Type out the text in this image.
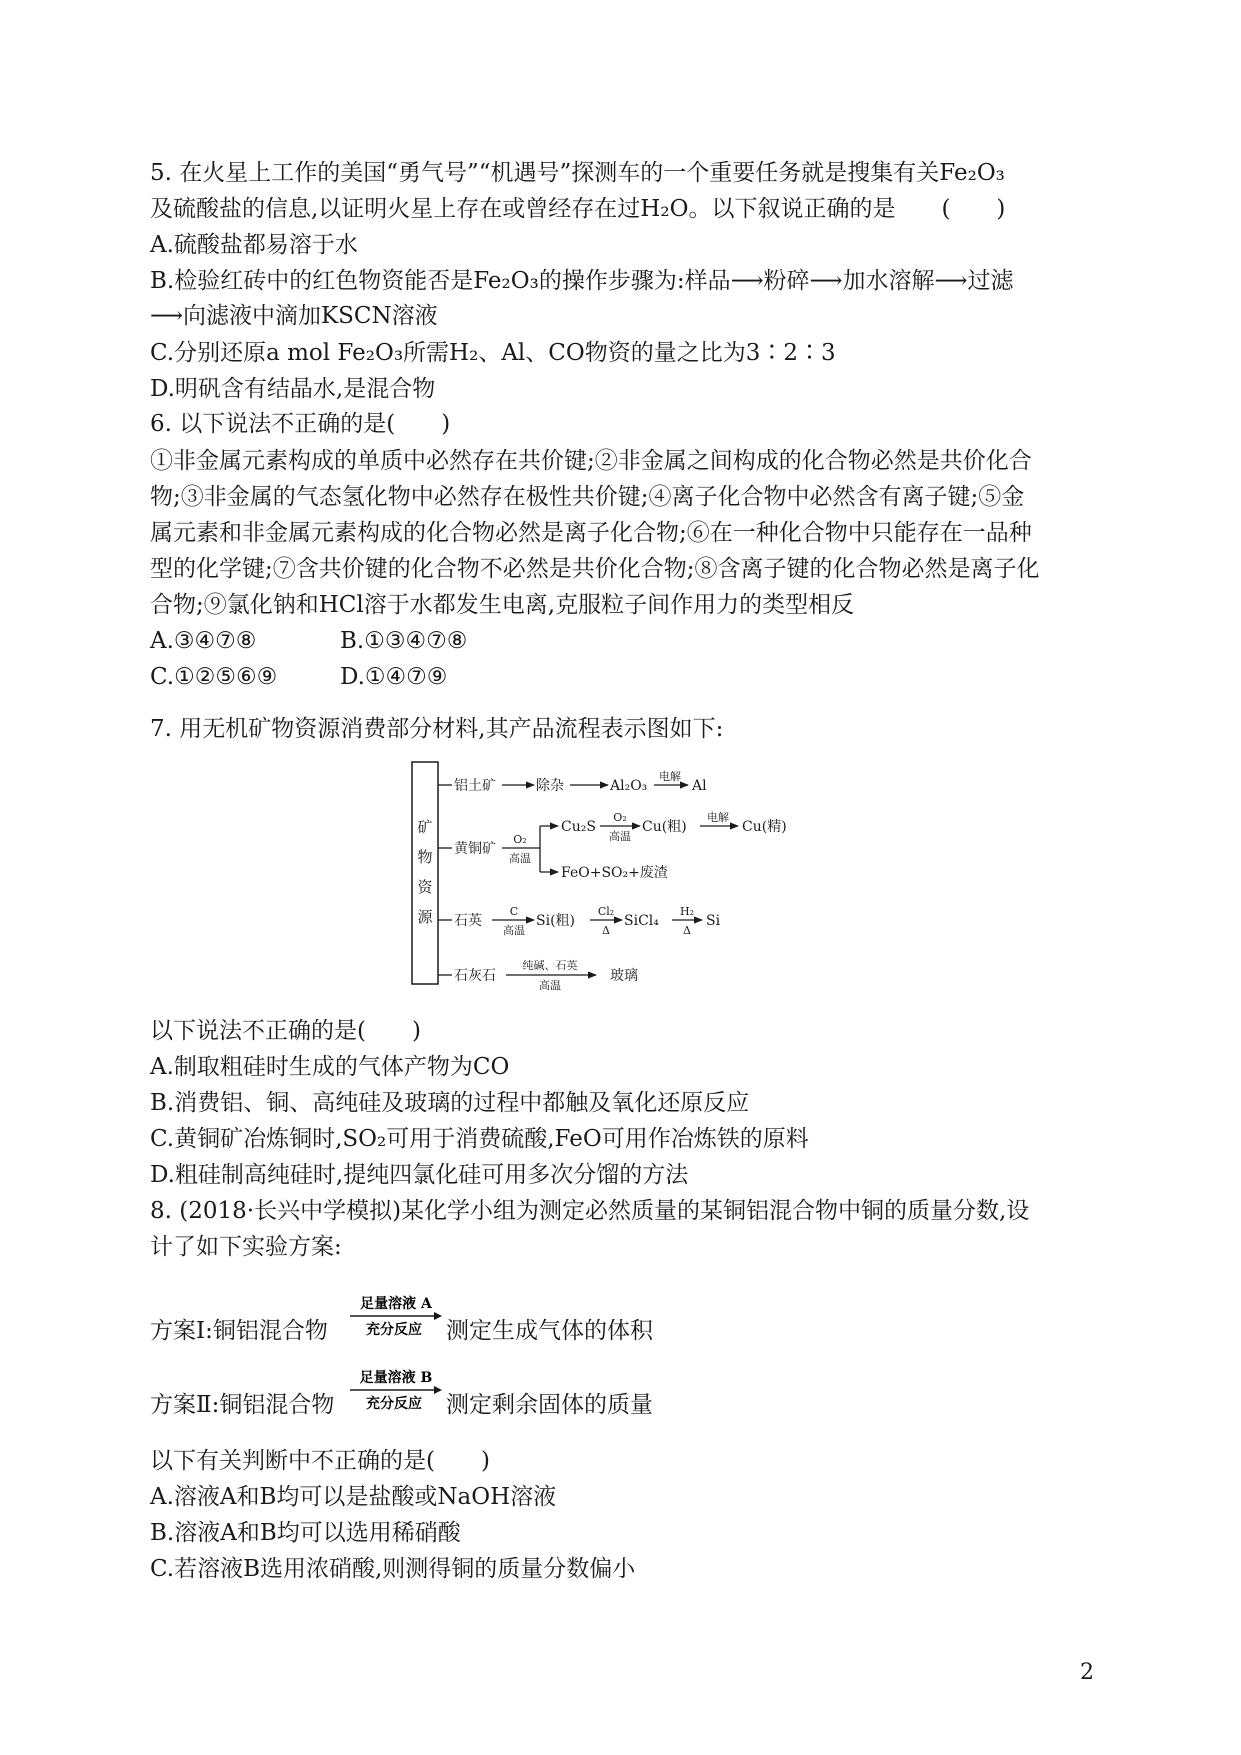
5. 在火星上工作的美国“勇气号”“机遇号”探测车的一个重要任务就是搜集有关Fe₂O₃
及硫酸盐的信息,以证明火星上存在或曾经存在过H₂O。以下叙说正确的是　　(　　)
A.硫酸盐都易溶于水
B.检验红砖中的红色物资能否是Fe₂O₃的操作步骤为:样品⟶粉碎⟶加水溶解⟶过滤
⟶向滤液中滴加KSCN溶液
C.分别还原a mol Fe₂O₃所需H₂、Al、CO物资的量之比为3∶2∶3
D.明矾含有结晶水,是混合物
6. 以下说法不正确的是(　　)
①非金属元素构成的单质中必然存在共价键;②非金属之间构成的化合物必然是共价化合
物;③非金属的气态氢化物中必然存在极性共价键;④离子化合物中必然含有离子键;⑤金
属元素和非金属元素构成的化合物必然是离子化合物;⑥在一种化合物中只能存在一品种
型的化学键;⑦含共价键的化合物不必然是共价化合物;⑧含离子键的化合物必然是离子化
合物;⑨氯化钠和HCl溶于水都发生电离,克服粒子间作用力的类型相反
A.③④⑦⑧	B.①③④⑦⑧
C.①②⑤⑥⑨	D.①④⑦⑨
7. 用无机矿物资源消费部分材料,其产品流程表示图如下:
矿
物
资
源
铝土矿	除杂	Al₂O₃
电解
Al
黄铜矿
O₂
高温
Cu₂S
O₂
高温
Cu(粗)
电解
Cu(精)
FeO+SO₂+废渣
石英
C
高温
Si(粗)
Cl₂
Δ
SiCl₄
H₂
Δ
Si
石灰石
纯碱、石英
高温
玻璃
以下说法不正确的是(　　)
A.制取粗硅时生成的气体产物为CO
B.消费铝、铜、高纯硅及玻璃的过程中都触及氧化还原反应
C.黄铜矿冶炼铜时,SO₂可用于消费硫酸,FeO可用作冶炼铁的原料
D.粗硅制高纯硅时,提纯四氯化硅可用多次分馏的方法
8. (2018·长兴中学模拟)某化学小组为测定必然质量的某铜铝混合物中铜的质量分数,设
计了如下实验方案:
方案Ⅰ:铜铝混合物
足量溶液 A
充分反应 测定生成气体的体积
方案Ⅱ:铜铝混合物
足量溶液 B
充分反应 测定剩余固体的质量
以下有关判断中不正确的是(　　)
A.溶液A和B均可以是盐酸或NaOH溶液
B.溶液A和B均可以选用稀硝酸
C.若溶液B选用浓硝酸,则测得铜的质量分数偏小
2
